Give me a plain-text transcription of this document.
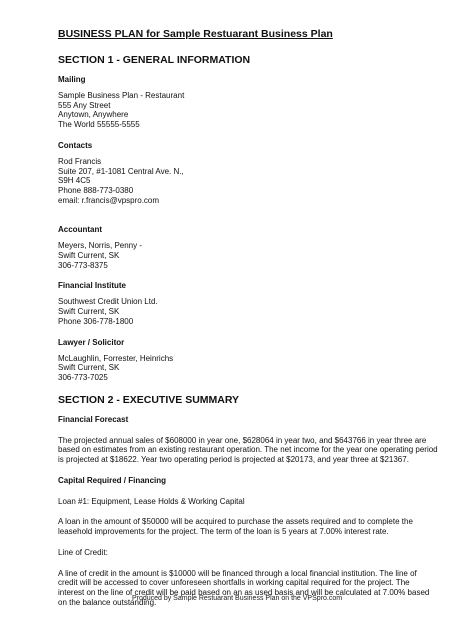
BUSINESS PLAN for Sample Restuarant Business Plan
SECTION 1 - GENERAL INFORMATION
Mailing
Sample Business Plan - Restaurant
555 Any Street
Anytown, Anywhere
The World 55555-5555
Contacts
Rod Francis
Suite 207, #1-1081 Central Ave. N.,
S9H 4C5
Phone 888-773-0380
email: r.francis@vpspro.com
Accountant
Meyers, Norris, Penny -
Swift Current, SK
306-773-8375
Financial Institute
Southwest Credit Union Ltd.
Swift Current, SK
Phone 306-778-1800
Lawyer / Solicitor
McLaughlin, Forrester, Heinrichs
Swift Current, SK
306-773-7025
SECTION 2 - EXECUTIVE SUMMARY
Financial Forecast

The projected annual sales of $608000 in year one, $628064 in year two, and $643766 in year three are based on estimates from an existing restaurant operation. The net income for the year one operating period is projected at $18622. Year two operating period is projected at $20173, and year three at $21367.

Capital Required / Financing

Loan #1: Equipment, Lease Holds & Working Capital

A loan in the amount of $50000 will be acquired to purchase the assets required and to complete the leasehold improvements for the project. The term of the loan is 5 years at 7.00% interest rate.

Line of Credit:

A line of credit in the amount is $10000 will be financed through a local financial institution. The line of credit will be accessed to cover unforeseen shortfalls in working capital required for the project. The interest on the line of credit will be paid based on an as used basis and will be calculated at 7.00% based on the balance outstanding.

Produced by Sample Restuarant Business Plan on the VPSpro.com
